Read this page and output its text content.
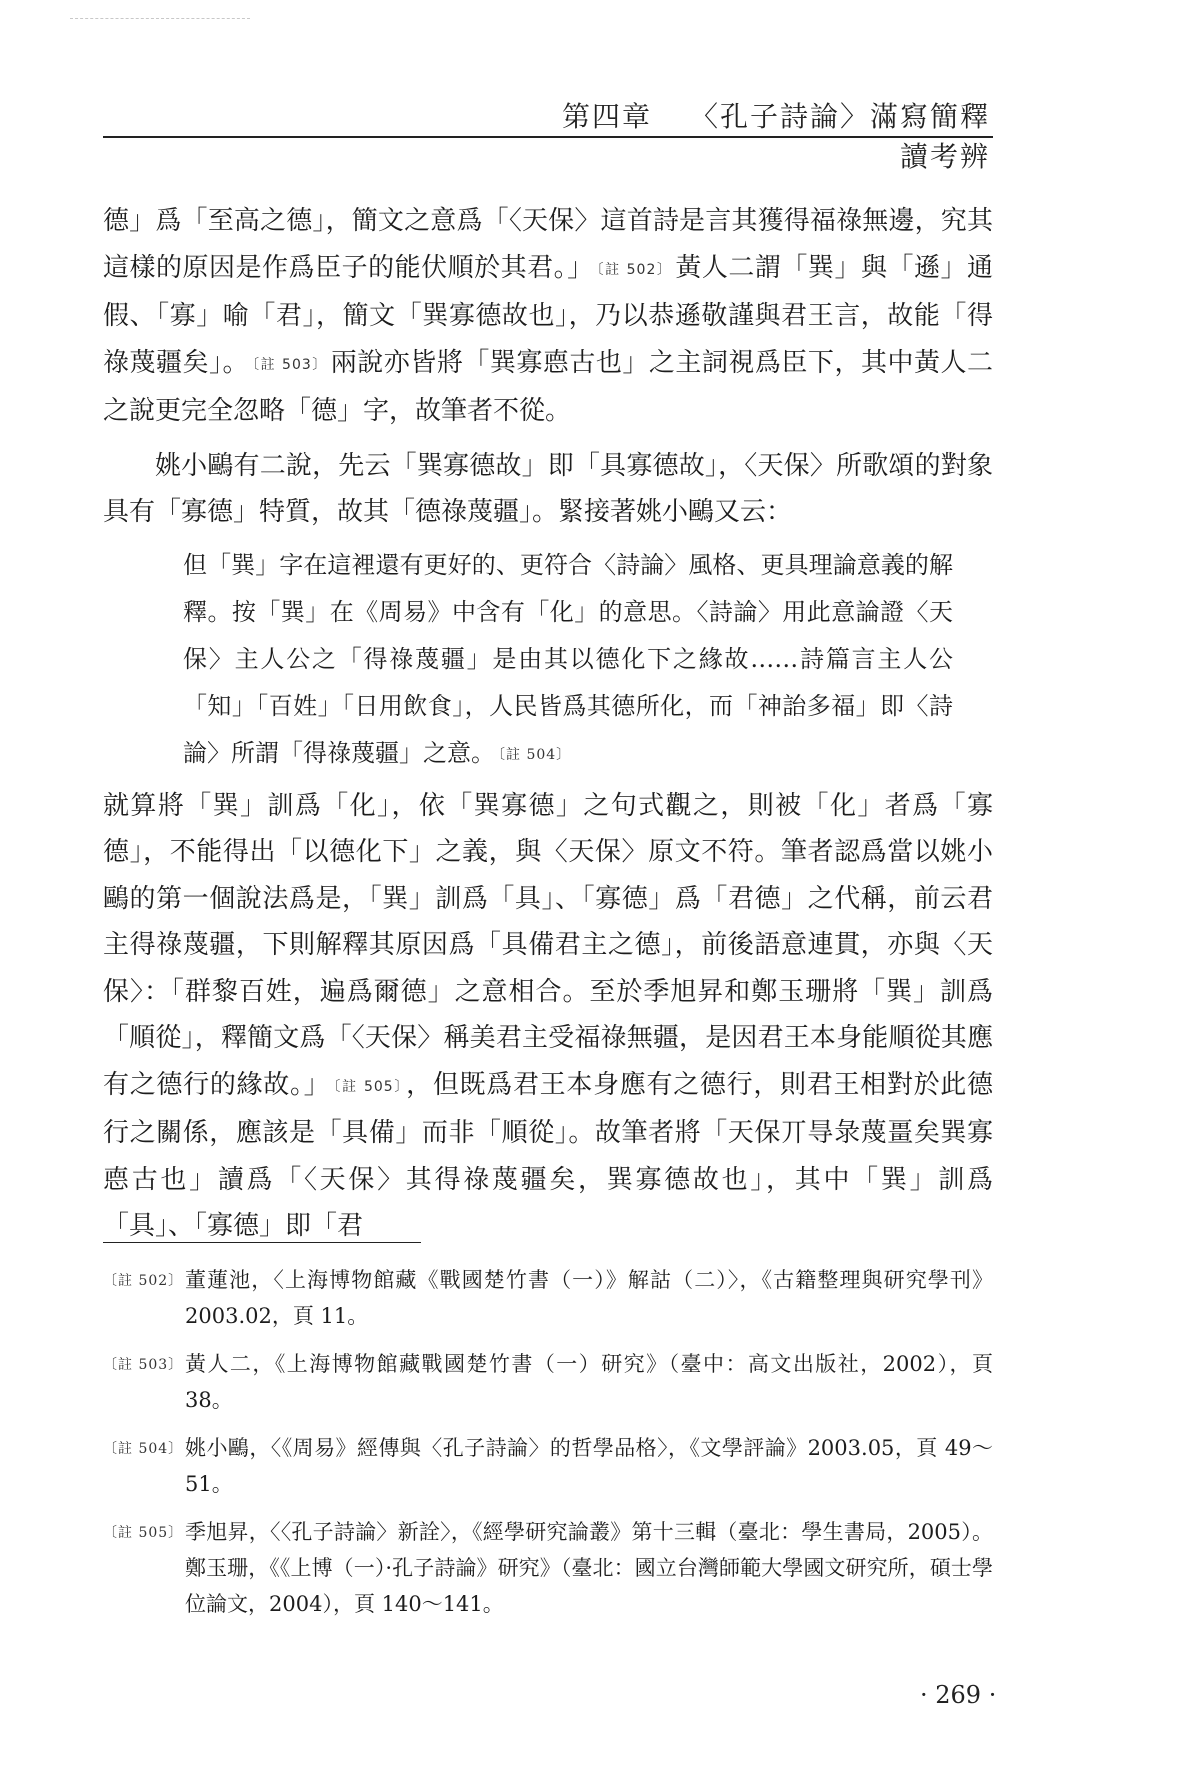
第四章 〈孔子詩論〉滿寫簡釋讀考辨

德」爲「至高之德」，簡文之意爲「〈天保〉這首詩是言其獲得福祿無邊，究其這樣的原因是作爲臣子的能伏順於其君。」 〔註 502〕 黃人二謂「巽」與「遜」通假、「寡」喻「君」，簡文「巽寡德故也」，乃以恭遜敬謹與君王言，故能「得祿蔑疆矣」。 〔註 503〕 兩說亦皆將「巽寡㥁古也」之主詞視爲臣下，其中黃人二之說更完全忽略「德」字，故筆者不從。

姚小鷗有二說，先云「巽寡德故」即「具寡德故」，〈天保〉所歌頌的對象具有「寡德」特質，故其「德祿蔑疆」。緊接著姚小鷗又云：

但「巽」字在這裡還有更好的、更符合〈詩論〉風格、更具理論意義的解釋。按「巽」在《周易》中含有「化」的意思。〈詩論〉用此意論證〈天保〉主人公之「得祿蔑疆」是由其以德化下之緣故……詩篇言主人公「知」「百姓」「日用飲食」，人民皆爲其德所化，而「神詒多福」即〈詩論〉所謂「得祿蔑疆」之意。 〔註 504〕

就算將「巽」訓爲「化」，依「巽寡德」之句式觀之，則被「化」者爲「寡德」，不能得出「以德化下」之義，與〈天保〉原文不符。筆者認爲當以姚小鷗的第一個說法爲是，「巽」訓爲「具」、「寡德」爲「君德」之代稱，前云君主得祿蔑疆，下則解釋其原因爲「具備君主之德」，前後語意連貫，亦與〈天保〉：「群黎百姓，遍爲爾德」之意相合。至於季旭昇和鄭玉珊將「巽」訓爲「順從」，釋簡文爲「〈天保〉稱美君主受福祿無疆，是因君王本身能順從其應有之德行的緣故。」 〔註 505〕 ，但既爲君王本身應有之德行，則君王相對於此德行之關係，應該是「具備」而非「順從」。故筆者將「天保丌㝵彔蔑畺矣巽寡㥁古也」讀爲「〈天保〉其得祿蔑疆矣，巽寡德故也」，其中「巽」訓爲「具」、「寡德」即「君

〔註 502〕 董蓮池，〈上海博物館藏《戰國楚竹書（一）》解詁（二）〉，《古籍整理與研究學刊》2003.02，頁 11。
〔註 503〕 黃人二，《上海博物館藏戰國楚竹書（一）研究》（臺中：高文出版社，2002），頁 38。
〔註 504〕 姚小鷗，〈《周易》經傳與〈孔子詩論〉的哲學品格〉，《文學評論》2003.05，頁 49～51。
〔註 505〕 季旭昇，〈〈孔子詩論〉新詮〉，《經學研究論叢》第十三輯（臺北：學生書局，2005）。鄭玉珊，《《上博（一）·孔子詩論》研究》（臺北：國立台灣師範大學國文研究所，碩士學位論文，2004），頁 140～141。
· 269 ·
